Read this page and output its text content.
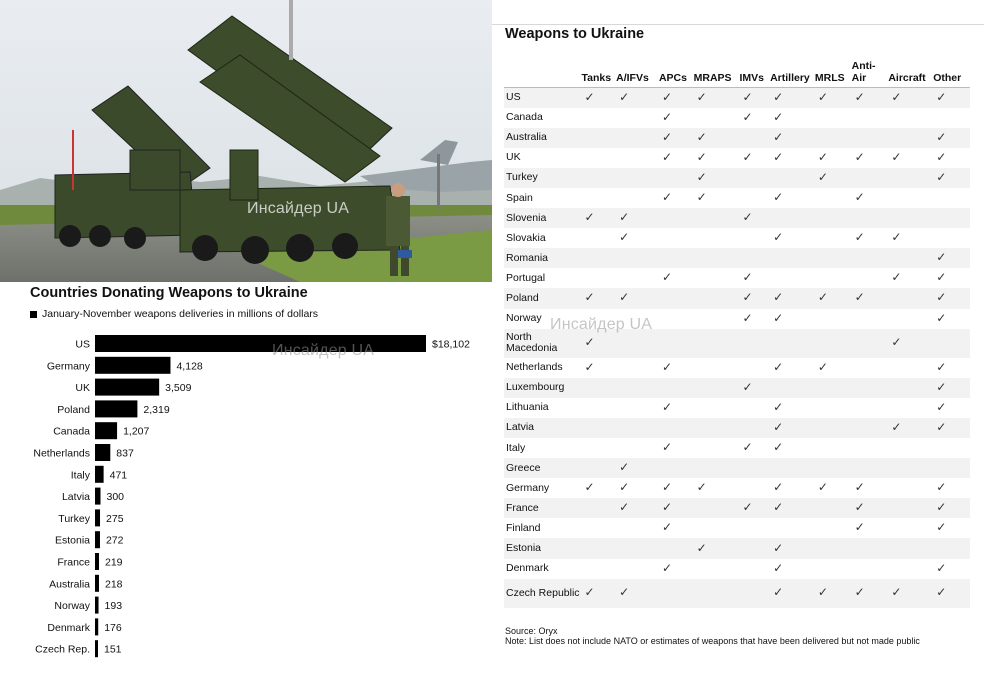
Инсайдер UA
Countries Donating Weapons to Ukraine
January-November weapons deliveries in millions of dollars
US	$18,102
Germany	4,128
UK	3,509
Poland	2,319
Canada	1,207
Netherlands	837
Italy 471
Latvia 300
Turkey 275
Estonia 272
France 219
Australia 218
Norway 193
Denmark 176
Czech Rep. 151
Инсайдер UA
Weapons to Ukraine
	Tanks	A/IFVs	APCs	MRAPS	IMVs	Artillery	MRLS	Anti-Air	Aircraft	Other
US	✓	✓	✓	✓	✓	✓	✓	✓	✓	✓
Canada			✓		✓	✓				
Australia			✓	✓		✓				✓
UK			✓	✓	✓	✓	✓	✓	✓	✓
Turkey				✓			✓			✓
Spain			✓	✓		✓		✓		
Slovenia	✓	✓			✓					
Slovakia		✓				✓		✓	✓	
Romania										✓
Portugal			✓		✓				✓	✓
Poland	✓	✓			✓	✓	✓	✓		✓
Norway					✓	✓				✓
North Macedonia	✓								✓	
Netherlands	✓		✓			✓	✓			✓
Luxembourg					✓					✓
Lithuania			✓			✓				✓
Latvia						✓			✓	✓
Italy			✓		✓	✓				
Greece		✓								
Germany	✓	✓	✓	✓		✓	✓	✓		✓
France		✓	✓		✓	✓		✓		✓
Finland			✓					✓		✓
Estonia				✓		✓				
Denmark			✓			✓				✓
Czech Republic	✓	✓				✓	✓	✓	✓	✓
Инсайдер UA
Source: Oryx
Note: List does not include NATO or estimates of weapons that have been delivered but not made public
